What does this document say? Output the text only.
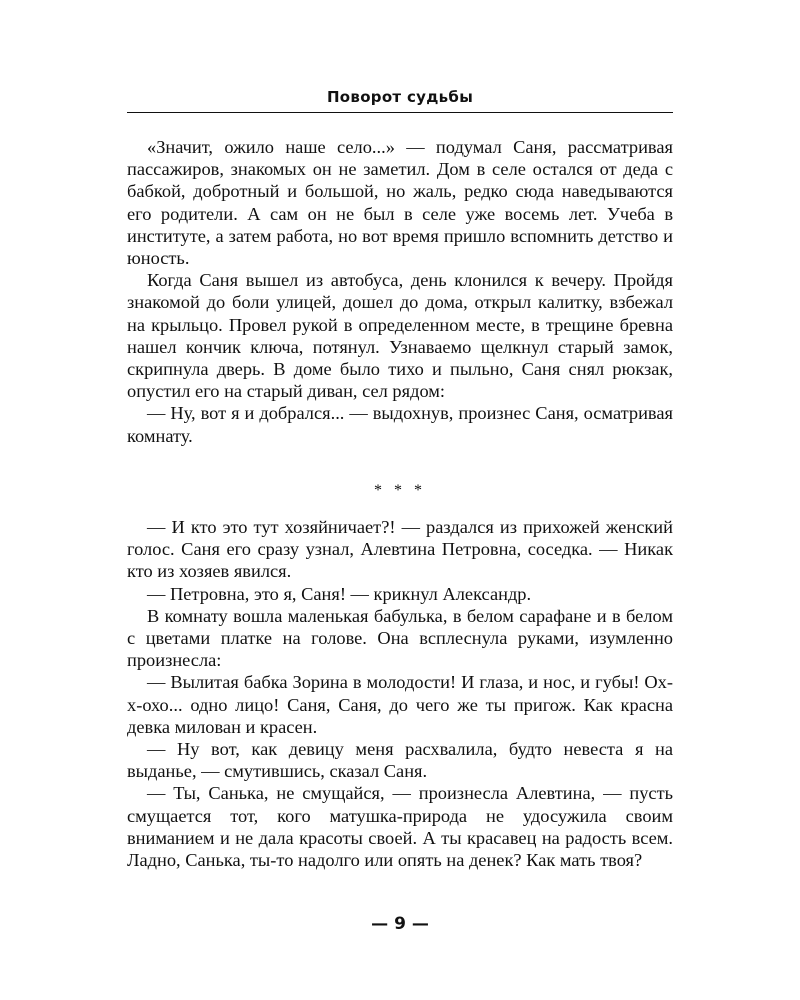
Поворот судьбы

«Значит, ожило наше село...» — подумал Саня, рассматривая пассажиров, знакомых он не заметил. Дом в селе остался от деда с бабкой, добротный и большой, но жаль, редко сюда наведываются его родители. А сам он не был в селе уже восемь лет. Учеба в институте, а затем работа, но вот время пришло вспомнить детство и юность.

Когда Саня вышел из автобуса, день клонился к вечеру. Пройдя знакомой до боли улицей, дошел до дома, открыл калитку, взбежал на крыльцо. Провел рукой в определенном месте, в трещине бревна нашел кончик ключа, потянул. Узнаваемо щелкнул старый замок, скрипнула дверь. В доме было тихо и пыльно, Саня снял рюкзак, опустил его на старый диван, сел рядом:

— Ну, вот я и добрался... — выдохнув, произнес Саня, осматривая комнату.

* * *

— И кто это тут хозяйничает?! — раздался из прихожей женский голос. Саня его сразу узнал, Алевтина Петровна, соседка. — Никак кто из хозяев явился.

— Петровна, это я, Саня! — крикнул Александр.

В комнату вошла маленькая бабулька, в белом сарафане и в белом с цветами платке на голове. Она всплеснула руками, изумленно произнесла:

— Вылитая бабка Зорина в молодости! И глаза, и нос, и губы! Ох-х-охо... одно лицо! Саня, Саня, до чего же ты пригож. Как красна девка милован и красен.

— Ну вот, как девицу меня расхвалила, будто невеста я на выданье, — смутившись, сказал Саня.

— Ты, Санька, не смущайся, — произнесла Алевтина, — пусть смущается тот, кого матушка-природа не удосужила своим вниманием и не дала красоты своей. А ты красавец на радость всем. Ладно, Санька, ты-то надолго или опять на денек? Как мать твоя?

— 9 —
